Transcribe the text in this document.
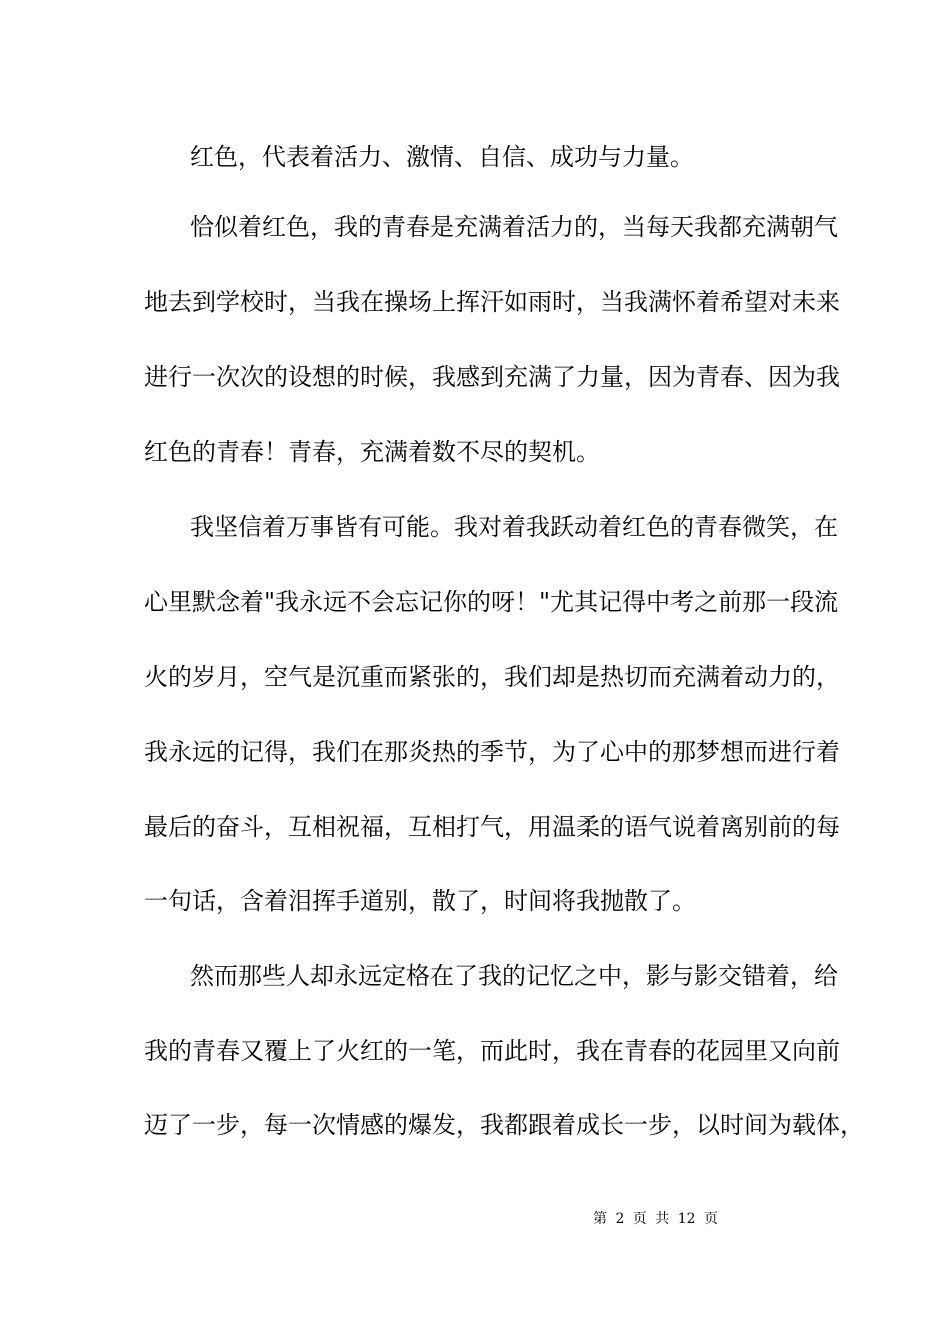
红色，代表着活力、激情、自信、成功与力量。
恰似着红色，我的青春是充满着活力的，当每天我都充满朝气
地去到学校时，当我在操场上挥汗如雨时，当我满怀着希望对未来
进行一次次的设想的时候，我感到充满了力量，因为青春、因为我
红色的青春！青春，充满着数不尽的契机。
我坚信着万事皆有可能。我对着我跃动着红色的青春微笑，在
心里默念着"我永远不会忘记你的呀！"尤其记得中考之前那一段流
火的岁月，空气是沉重而紧张的，我们却是热切而充满着动力的，
我永远的记得，我们在那炎热的季节，为了心中的那梦想而进行着
最后的奋斗，互相祝福，互相打气，用温柔的语气说着离别前的每
一句话，含着泪挥手道别，散了，时间将我抛散了。
然而那些人却永远定格在了我的记忆之中，影与影交错着，给
我的青春又覆上了火红的一笔，而此时，我在青春的花园里又向前
迈了一步，每一次情感的爆发，我都跟着成长一步，以时间为载体，
第 2 页 共 12 页
